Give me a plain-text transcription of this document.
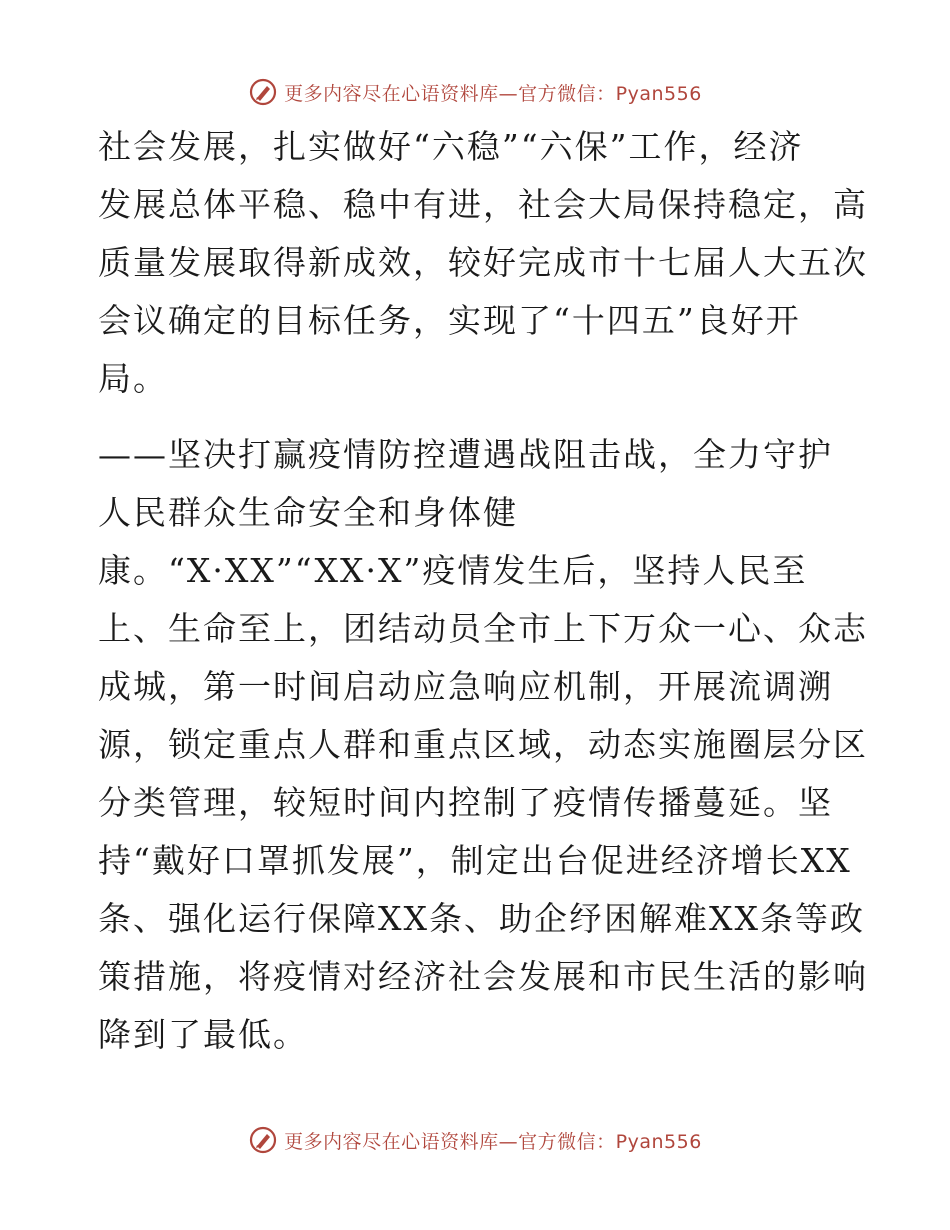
更多内容尽在心语资料库—官方微信：Pyan556
社会发展，扎实做好“六稳”“六保”工作，经济
发展总体平稳、稳中有进，社会大局保持稳定，高
质量发展取得新成效，较好完成市十七届人大五次
会议确定的目标任务，实现了“十四五”良好开
局。
——坚决打赢疫情防控遭遇战阻击战，全力守护
人民群众生命安全和身体健
康。“X·XX”“XX·X”疫情发生后，坚持人民至
上、生命至上，团结动员全市上下万众一心、众志
成城，第一时间启动应急响应机制，开展流调溯
源，锁定重点人群和重点区域，动态实施圈层分区
分类管理，较短时间内控制了疫情传播蔓延。坚
持“戴好口罩抓发展”，制定出台促进经济增长XX
条、强化运行保障XX条、助企纾困解难XX条等政
策措施，将疫情对经济社会发展和市民生活的影响
降到了最低。
更多内容尽在心语资料库—官方微信：Pyan556
